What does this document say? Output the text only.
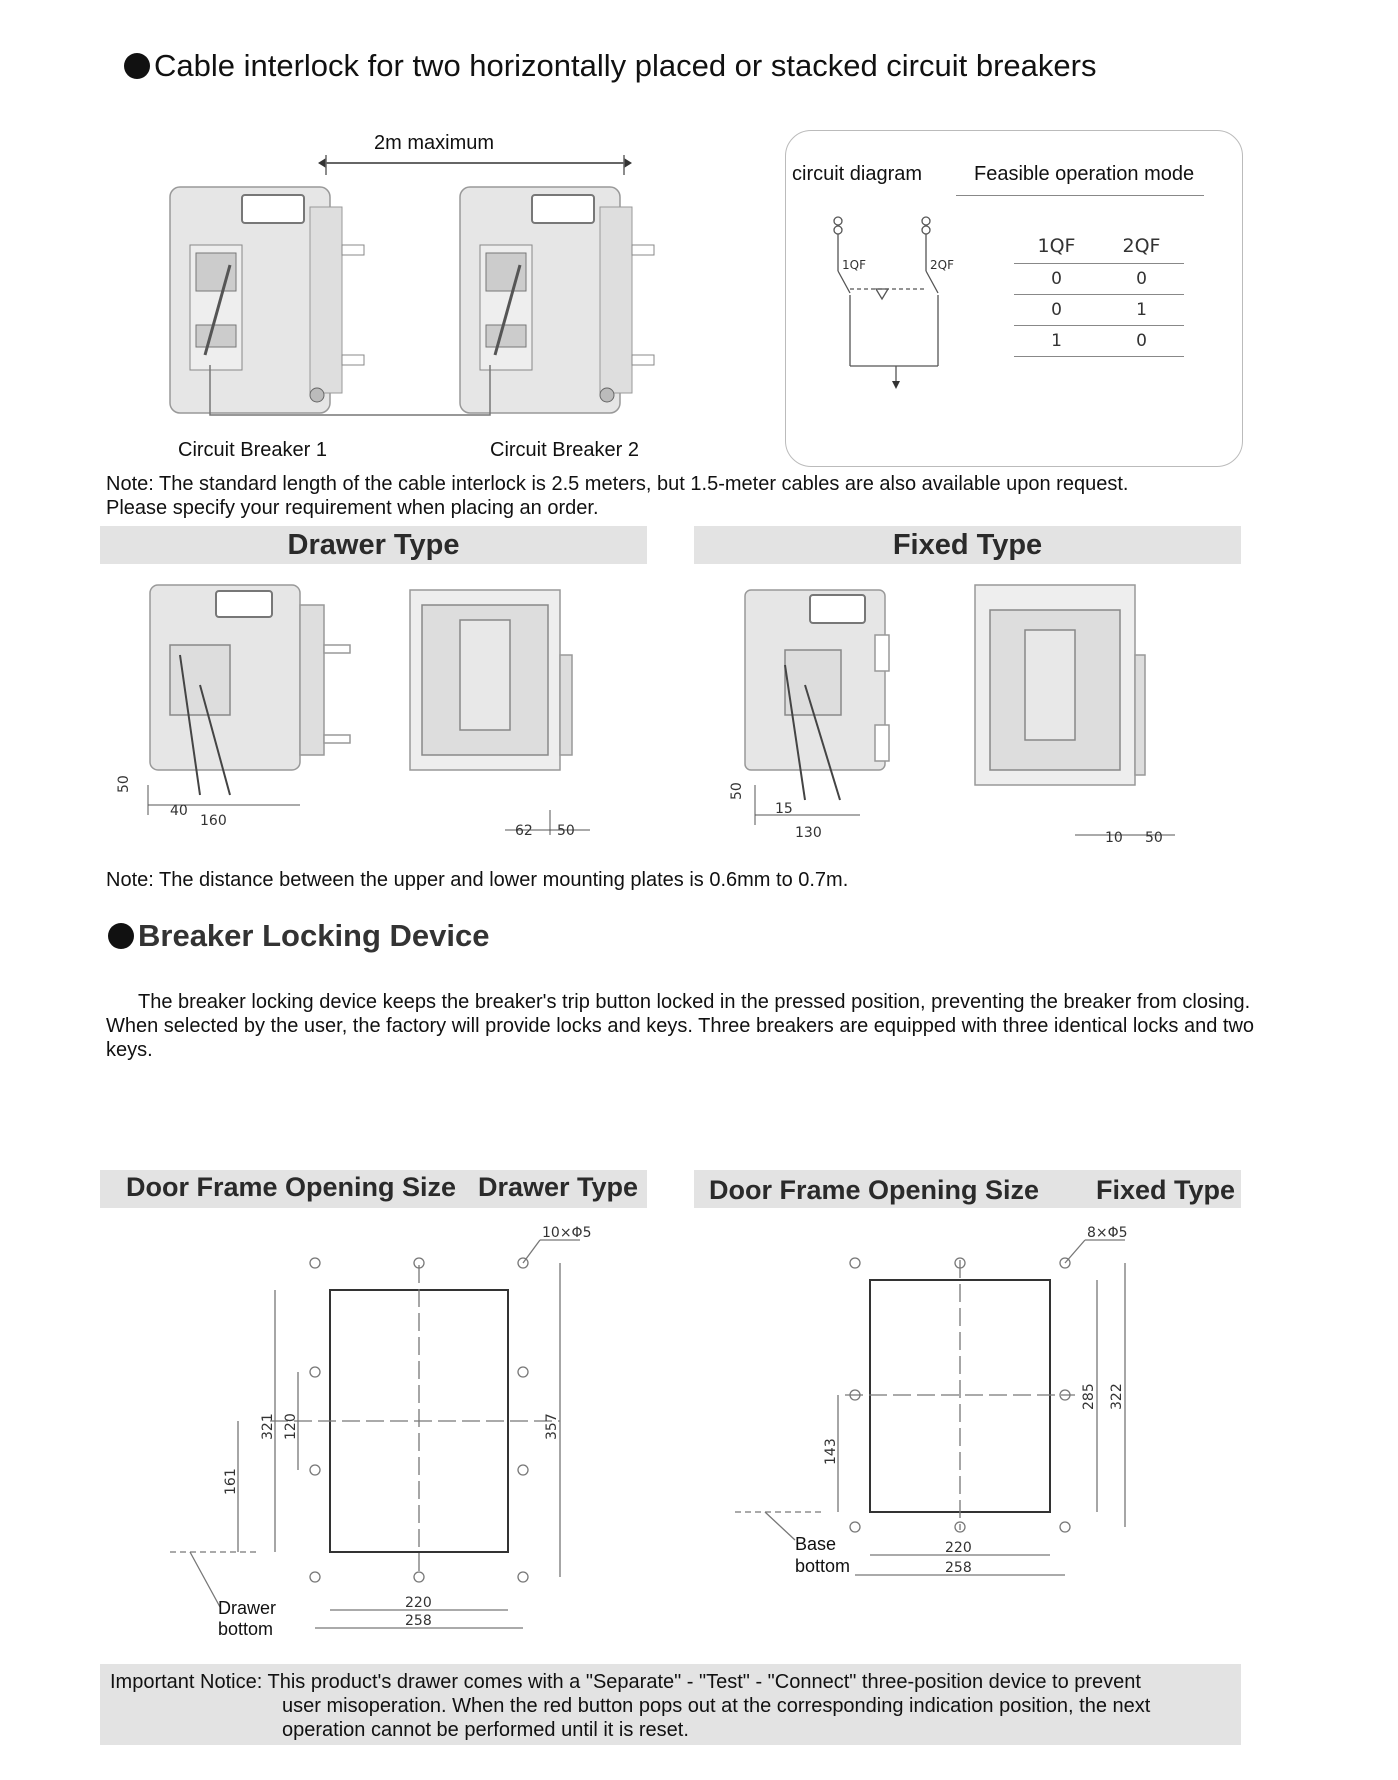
Cable interlock for two horizontally placed or stacked circuit breakers
2m maximum
Circuit Breaker 1	Circuit Breaker 2
circuit diagram	Feasible operation mode
1QF	2QF
1QF	2QF
0	0
0	1
1	0
Note: The standard length of the cable interlock is 2.5 meters, but 1.5-meter cables are also available upon request.
Please specify your requirement when placing an order.
Drawer Type	Fixed Type
50
40
160
62 50
50
15
130	10 50
Note: The distance between the upper and lower mounting plates is 0.6mm to 0.7m.
Breaker Locking Device
The breaker locking device keeps the breaker's trip button locked in the pressed position, preventing the breaker from closing.
When selected by the user, the factory will provide locks and keys. Three breakers are equipped with three identical locks and two
keys.
Door Frame Opening Size Drawer Type	Door Frame Opening Size Fixed Type
10×Φ5
321 120
161
357
220
258
Drawer
bottom
8×Φ5
143
285 322
220
258
Base
bottom
Important Notice: This product's drawer comes with a "Separate" - "Test" - "Connect" three-position device to prevent
user misoperation. When the red button pops out at the corresponding indication position, the next
operation cannot be performed until it is reset.
